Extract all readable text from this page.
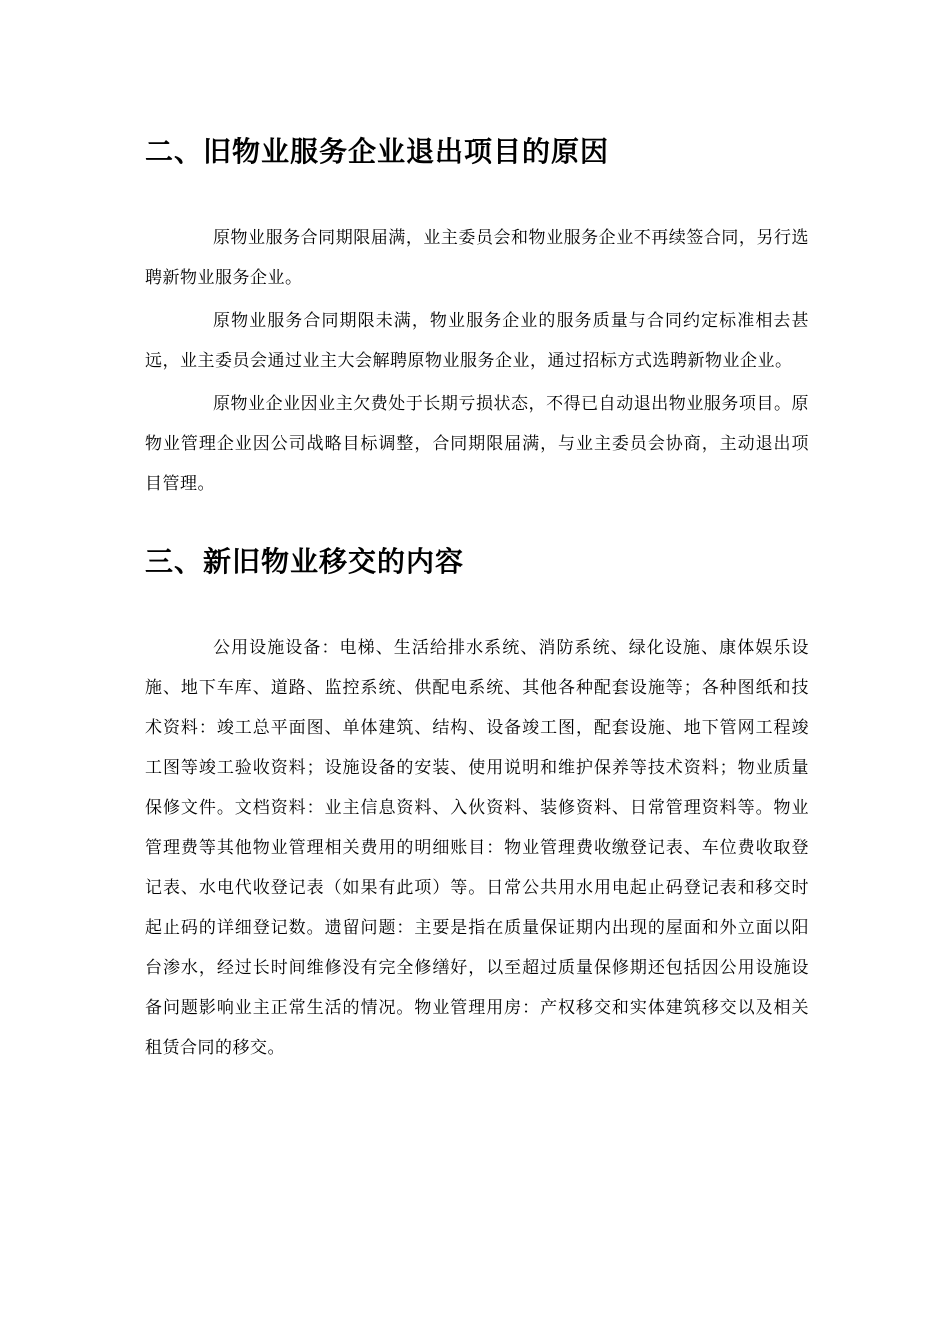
二、旧物业服务企业退出项目的原因

原物业服务合同期限届满，业主委员会和物业服务企业不再续签合同，另行选聘新物业服务企业。

原物业服务合同期限未满，物业服务企业的服务质量与合同约定标准相去甚远，业主委员会通过业主大会解聘原物业服务企业，通过招标方式选聘新物业企业。

原物业企业因业主欠费处于长期亏损状态，不得已自动退出物业服务项目。原物业管理企业因公司战略目标调整，合同期限届满，与业主委员会协商，主动退出项目管理。

三、新旧物业移交的内容

公用设施设备：电梯、生活给排水系统、消防系统、绿化设施、康体娱乐设施、地下车库、道路、监控系统、供配电系统、其他各种配套设施等；各种图纸和技术资料：竣工总平面图、单体建筑、结构、设备竣工图，配套设施、地下管网工程竣工图等竣工验收资料；设施设备的安装、使用说明和维护保养等技术资料；物业质量保修文件。文档资料：业主信息资料、入伙资料、装修资料、日常管理资料等。物业管理费等其他物业管理相关费用的明细账目：物业管理费收缴登记表、车位费收取登记表、水电代收登记表（如果有此项）等。日常公共用水用电起止码登记表和移交时起止码的详细登记数。遗留问题：主要是指在质量保证期内出现的屋面和外立面以阳台渗水，经过长时间维修没有完全修缮好，以至超过质量保修期还包括因公用设施设备问题影响业主正常生活的情况。物业管理用房：产权移交和实体建筑移交以及相关租赁合同的移交。
